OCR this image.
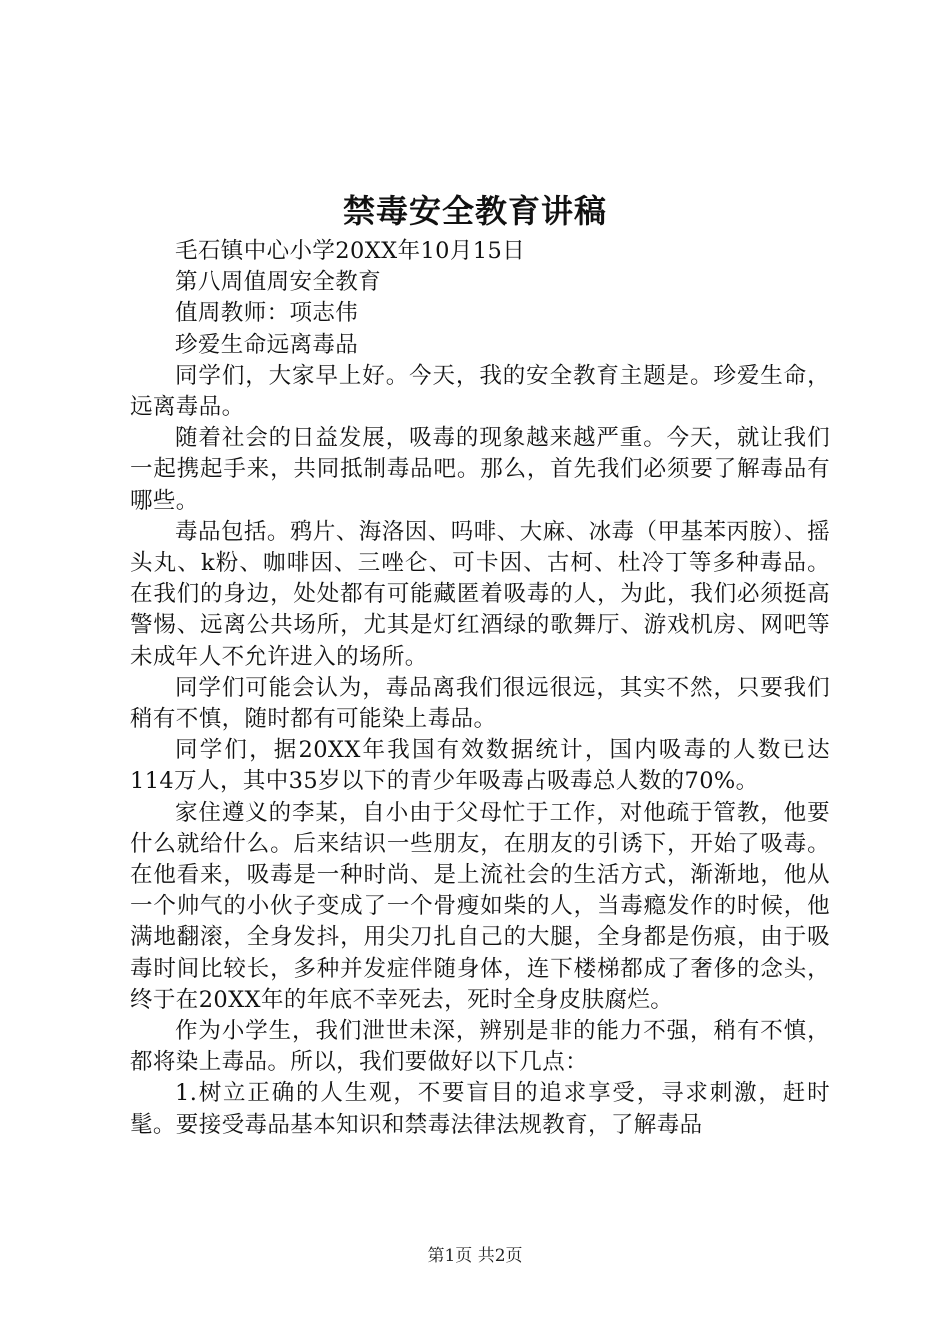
禁毒安全教育讲稿

毛石镇中心小学20XX年10月15日

第八周值周安全教育

值周教师：项志伟

珍爱生命远离毒品

同学们，大家早上好。今天，我的安全教育主题是。珍爱生命，远离毒品。

随着社会的日益发展，吸毒的现象越来越严重。今天，就让我们一起携起手来，共同抵制毒品吧。那么，首先我们必须要了解毒品有哪些。

毒品包括。鸦片、海洛因、吗啡、大麻、冰毒（甲基苯丙胺）、摇头丸、k粉、咖啡因、三唑仑、可卡因、古柯、杜冷丁等多种毒品。在我们的身边，处处都有可能藏匿着吸毒的人，为此，我们必须挺高警惕、远离公共场所，尤其是灯红酒绿的歌舞厅、游戏机房、网吧等未成年人不允许进入的场所。

同学们可能会认为，毒品离我们很远很远，其实不然，只要我们稍有不慎，随时都有可能染上毒品。

同学们，据20XX年我国有效数据统计，国内吸毒的人数已达114万人，其中35岁以下的青少年吸毒占吸毒总人数的70%。

家住遵义的李某，自小由于父母忙于工作，对他疏于管教，他要什么就给什么。后来结识一些朋友，在朋友的引诱下，开始了吸毒。在他看来，吸毒是一种时尚、是上流社会的生活方式，渐渐地，他从一个帅气的小伙子变成了一个骨瘦如柴的人，当毒瘾发作的时候，他满地翻滚，全身发抖，用尖刀扎自己的大腿，全身都是伤痕，由于吸毒时间比较长，多种并发症伴随身体，连下楼梯都成了奢侈的念头，终于在20XX年的年底不幸死去，死时全身皮肤腐烂。

作为小学生，我们泄世未深，辨别是非的能力不强，稍有不慎，都将染上毒品。所以，我们要做好以下几点：

1.树立正确的人生观，不要盲目的追求享受，寻求刺激，赶时髦。要接受毒品基本知识和禁毒法律法规教育，了解毒品

第1页 共2页
